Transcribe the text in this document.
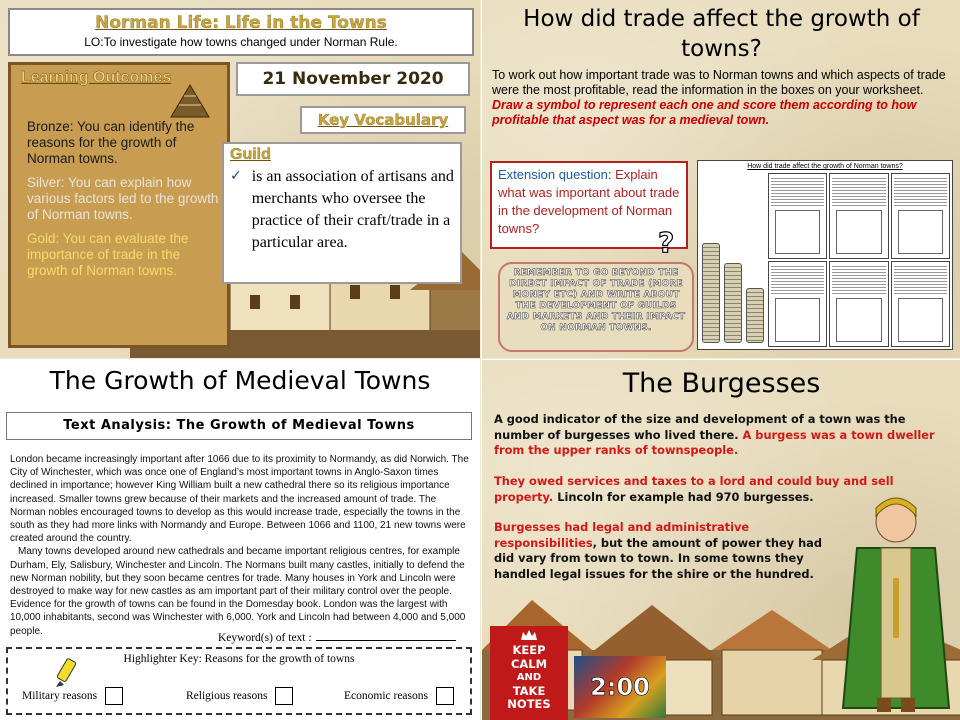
Norman Life: Life in the Towns
LO:To investigate how towns changed under Norman Rule.
Learning Outcomes
Bronze: You can identify the reasons for the growth of Norman towns.
Silver: You can explain how various factors led to the growth of Norman towns.
Gold: You can evaluate the importance of trade in the growth of Norman towns.
21 November 2020
Key Vocabulary
Guild
✓ is an association of artisans and merchants who oversee the practice of their craft/trade in a particular area.
How did trade affect the growth of towns?
To work out how important trade was to Norman towns and which aspects of trade were the most profitable, read the information in the boxes on your worksheet. Draw a symbol to represent each one and score them according to how profitable that aspect was for a medieval town.
Extension question: Explain what was important about trade in the development of Norman towns?	?
REMEMBER TO GO BEYOND THE DIRECT IMPACT OF TRADE (MORE MONEY ETC) AND WRITE ABOUT THE DEVELOPMENT OF GUILDS AND MARKETS AND THEIR IMPACT ON NORMAN TOWNS.
How did trade affect the growth of Norman towns?
The Growth of Medieval Towns
Text Analysis: The Growth of Medieval Towns

London became increasingly important after 1066 due to its proximity to Normandy, as did Norwich. The City of Winchester, which was once one of England’s most important towns in Anglo-Saxon times declined in importance; however King William built a new cathedral there so its religious importance increased. Smaller towns grew because of their markets and the increased amount of trade. The Norman nobles encouraged towns to develop as this would increase trade, especially the towns in the south as they had more links with Normandy and Europe. Between 1066 and 1100, 21 new towns were created around the country.

Many towns developed around new cathedrals and became important religious centres, for example Durham, Ely, Salisbury, Winchester and Lincoln. The Normans built many castles, initially to defend the new Norman nobility, but they soon became centres for trade. Many houses in York and Lincoln were destroyed to make way for new castles as am important part of their military control over the people. Evidence for the growth of towns can be found in the Domesday book. London was the largest with 10,000 inhabitants, second was Winchester with 6,000. York and Lincoln had between 4,000 and 5,000 people.

Keyword(s) of text :
Highlighter Key: Reasons for the growth of towns
Military reasons	Religious reasons	Economic reasons
The Burgesses
A good indicator of the size and development of a town was the number of burgesses who lived there. A burgess was a town dweller from the upper ranks of townspeople.
They owed services and taxes to a lord and could buy and sell property. Lincoln for example had 970 burgesses.
Burgesses had legal and administrative responsibilities, but the amount of power they had did vary from town to town. In some towns they handled legal issues for the shire or the hundred.
KEEP
CALM
AND
TAKE
NOTES
2:00
